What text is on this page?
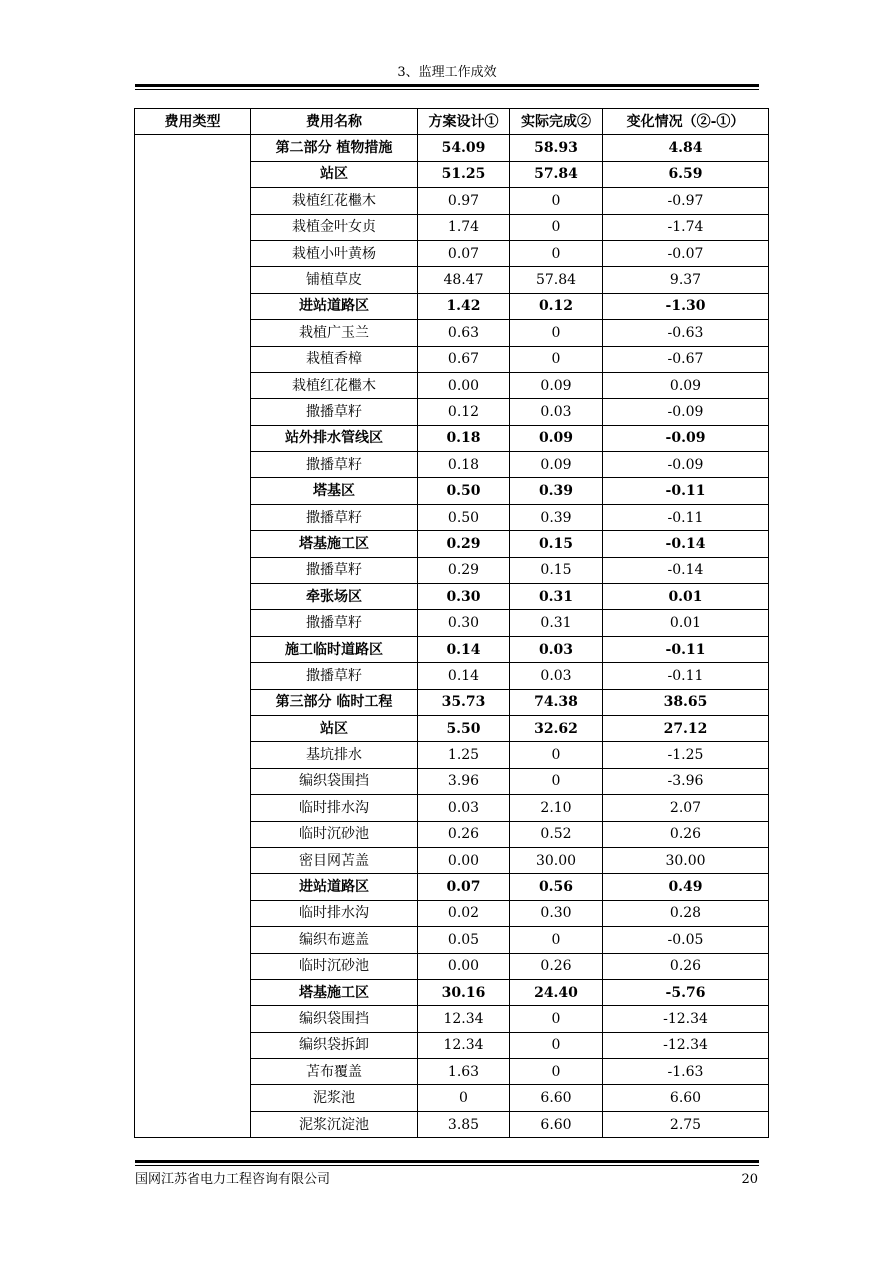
3、监理工作成效
费用类型	费用名称	方案设计①	实际完成②	变化情况（②-①）
	第二部分 植物措施	54.09	58.93	4.84
	站区	51.25	57.84	6.59
	栽植红花檵木	0.97	0	-0.97
	栽植金叶女贞	1.74	0	-1.74
	栽植小叶黄杨	0.07	0	-0.07
	铺植草皮	48.47	57.84	9.37
	进站道路区	1.42	0.12	-1.30
	栽植广玉兰	0.63	0	-0.63
	栽植香樟	0.67	0	-0.67
	栽植红花檵木	0.00	0.09	0.09
	撒播草籽	0.12	0.03	-0.09
	站外排水管线区	0.18	0.09	-0.09
	撒播草籽	0.18	0.09	-0.09
	塔基区	0.50	0.39	-0.11
	撒播草籽	0.50	0.39	-0.11
	塔基施工区	0.29	0.15	-0.14
	撒播草籽	0.29	0.15	-0.14
	牵张场区	0.30	0.31	0.01
	撒播草籽	0.30	0.31	0.01
	施工临时道路区	0.14	0.03	-0.11
	撒播草籽	0.14	0.03	-0.11
	第三部分 临时工程	35.73	74.38	38.65
	站区	5.50	32.62	27.12
	基坑排水	1.25	0	-1.25
	编织袋围挡	3.96	0	-3.96
	临时排水沟	0.03	2.10	2.07
	临时沉砂池	0.26	0.52	0.26
	密目网苫盖	0.00	30.00	30.00
	进站道路区	0.07	0.56	0.49
	临时排水沟	0.02	0.30	0.28
	编织布遮盖	0.05	0	-0.05
	临时沉砂池	0.00	0.26	0.26
	塔基施工区	30.16	24.40	-5.76
	编织袋围挡	12.34	0	-12.34
	编织袋拆卸	12.34	0	-12.34
	苫布覆盖	1.63	0	-1.63
	泥浆池	0	6.60	6.60
	泥浆沉淀池	3.85	6.60	2.75
国网江苏省电力工程咨询有限公司	20
